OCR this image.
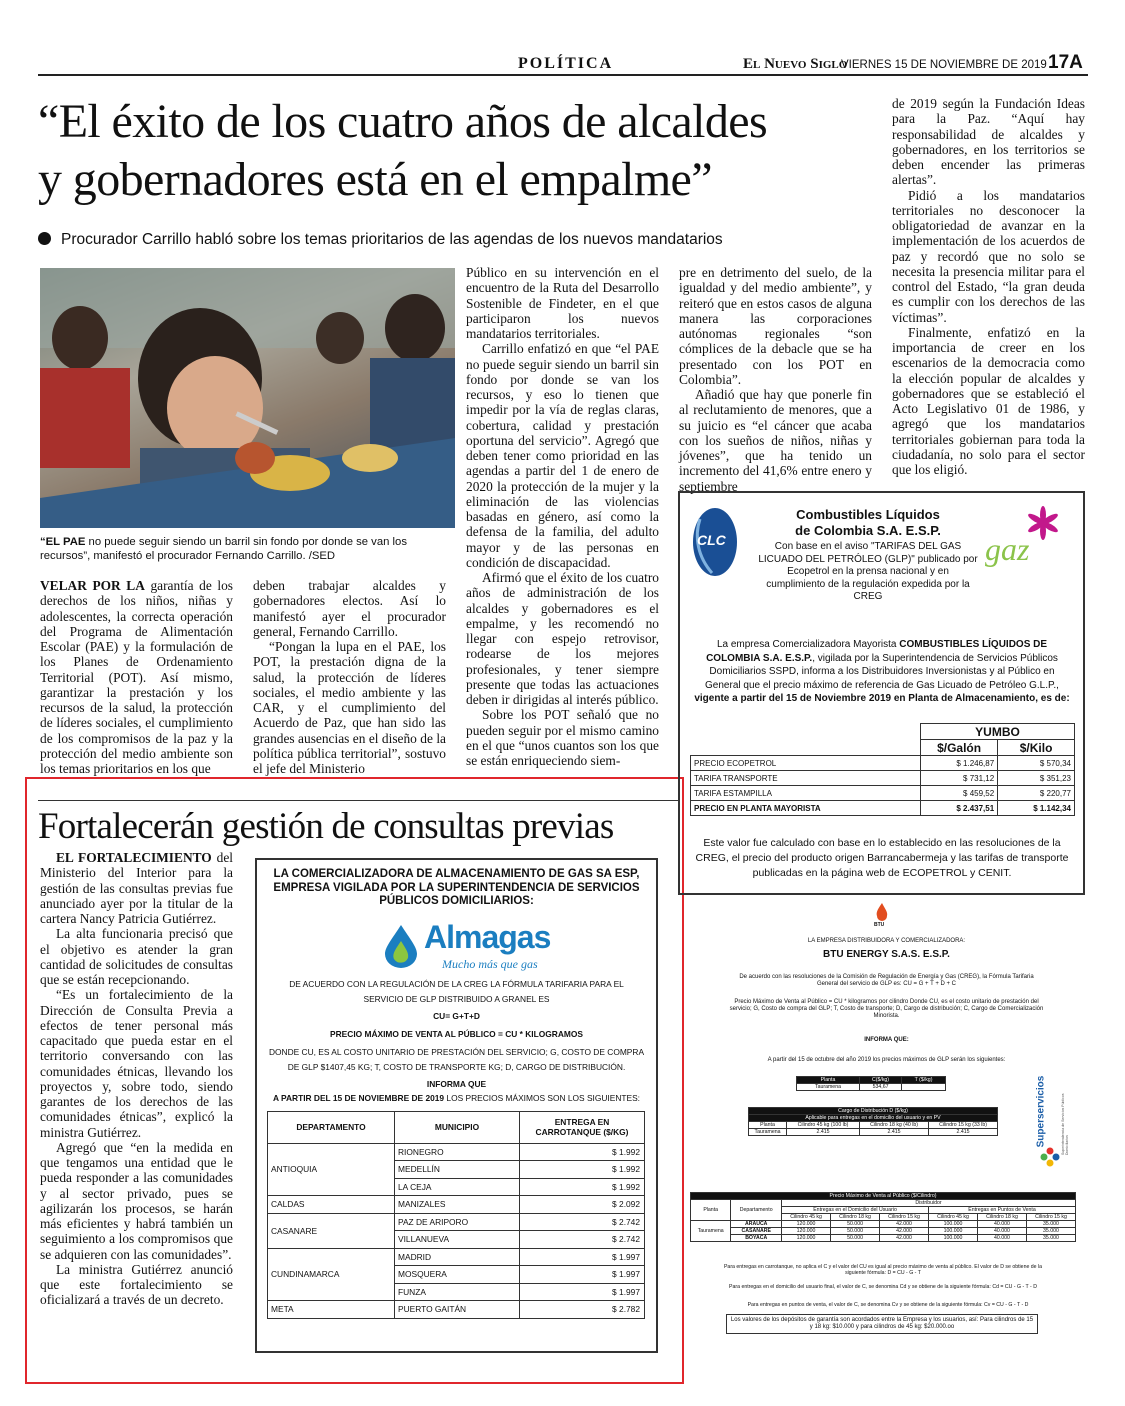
POLÍTICA	El Nuevo Siglo
VIERNES 15 DE NOVIEMBRE DE 2019 17A
“El éxito de los cuatro años de alcaldes
y gobernadores está en el empalme”
Procurador Carrillo habló sobre los temas prioritarios de las agendas de los nuevos mandatarios
“EL PAE no puede seguir siendo un barril sin fondo por donde se van los recursos”, manifestó el procurador Fernando Carrillo. /SED

VELAR POR LA garantía de los derechos de los niños, niñas y adolescentes, la correcta operación del Programa de Alimentación Escolar (PAE) y la formulación de los Planes de Ordenamiento Territorial (POT). Así mismo, garantizar la prestación y los recursos de la salud, la protección de líderes sociales, el cumplimiento de los compromisos de la paz y la protección del medio ambiente son los temas prioritarios en los que

deben trabajar alcaldes y gobernadores electos. Así lo manifestó ayer el procurador general, Fernando Carrillo.

“Pongan la lupa en el PAE, los POT, la prestación digna de la salud, la protección de líderes sociales, el medio ambiente y las CAR, y el cumplimiento del Acuerdo de Paz, que han sido las grandes ausencias en el diseño de la política pública territorial”, sostuvo el jefe del Ministerio

Público en su intervención en el encuentro de la Ruta del Desarrollo Sostenible de Findeter, en el que participaron los nuevos mandatarios territoriales.

Carrillo enfatizó en que “el PAE no puede seguir siendo un barril sin fondo por donde se van los recursos, y eso lo tienen que impedir por la vía de reglas claras, cobertura, calidad y prestación oportuna del servicio”. Agregó que deben tener como prioridad en las agendas a partir del 1 de enero de 2020 la protección de la mujer y la eliminación de las violencias basadas en género, así como la defensa de la familia, del adulto mayor y de las personas en condición de discapacidad.

Afirmó que el éxito de los cuatro años de administración de los alcaldes y gobernadores es el empalme, y les recomendó no llegar con espejo retrovisor, rodearse de los mejores profesionales, y tener siempre presente que todas las actuaciones deben ir dirigidas al interés público.

Sobre los POT señaló que no pueden seguir por el mismo camino en el que “unos cuantos son los que se están enriqueciendo siem-

pre en detrimento del suelo, de la igualdad y del medio ambiente”, y reiteró que en estos casos de alguna manera las corporaciones autónomas regionales “son cómplices de la debacle que se ha presentado con los POT en Colombia”.

Añadió que hay que ponerle fin al reclutamiento de menores, que a su juicio es “el cáncer que acaba con los sueños de niños, niñas y jóvenes”, que ha tenido un incremento del 41,6% entre enero y septiembre

de 2019 según la Fundación Ideas para la Paz. “Aquí hay responsabilidad de alcaldes y gobernadores, en los territorios se deben encender las primeras alertas”.

Pidió a los mandatarios territoriales no desconocer la obligatoriedad de avanzar en la implementación de los acuerdos de paz y recordó que no solo se necesita la presencia militar para el control del Estado, “la gran deuda es cumplir con los derechos de las víctimas”.

Finalmente, enfatizó en la importancia de creer en los escenarios de la democracia como la elección popular de alcaldes y gobernadores que se estableció el Acto Legislativo 01 de 1986, y agregó que los mandatarios territoriales gobiernan para toda la ciudadanía, no solo para el sector que los eligió.

Fortalecerán gestión de consultas previas

EL FORTALECIMIENTO del Ministerio del Interior para la gestión de las consultas previas fue anunciado ayer por la titular de la cartera Nancy Patricia Gutiérrez.

La alta funcionaria precisó que el objetivo es atender la gran cantidad de solicitudes de consultas que se están recepcionando.

“Es un fortalecimiento de la Dirección de Consulta Previa a efectos de tener personal más capacitado que pueda estar en el territorio conversando con las comunidades étnicas, llevando los proyectos y, sobre todo, siendo garantes de los derechos de las comunidades étnicas”, explicó la ministra Gutiérrez.

Agregó que “en la medida en que tengamos una entidad que le pueda responder a las comunidades y al sector privado, pues se agilizarán los procesos, se harán más eficientes y habrá también un seguimiento a los compromisos que se adquieren con las comunidades”.

La ministra Gutiérrez anunció que este fortalecimiento se oficializará a través de un decreto.

LA COMERCIALIZADORA DE ALMACENAMIENTO DE GAS SA ESP, EMPRESA VIGILADA POR LA SUPERINTENDENCIA DE SERVICIOS PÚBLICOS DOMICILIARIOS:
Almagas
Mucho más que gas
DE ACUERDO CON LA REGULACIÓN DE LA CREG LA FÓRMULA TARIFARIA PARA EL SERVICIO DE GLP DISTRIBUIDO A GRANEL ES
CU= G+T+D
PRECIO MÁXIMO DE VENTA AL PÚBLICO = CU * KILOGRAMOS
DONDE CU, ES AL COSTO UNITARIO DE PRESTACIÓN DEL SERVICIO; G, COSTO DE COMPRA DE GLP $1407,45 KG; T, COSTO DE TRANSPORTE KG; D, CARGO DE DISTRIBUCIÓN.
INFORMA QUE
A PARTIR DEL 15 DE NOVIEMBRE DE 2019 LOS PRECIOS MÁXIMOS SON LOS SIGUIENTES:
DEPARTAMENTO	MUNICIPIO	ENTREGA EN CARROTANQUE ($/KG)
ANTIOQUIA	RIONEGRO	$ 1.992
	MEDELLÍN	$ 1.992
	LA CEJA	$ 1.992
CALDAS	MANIZALES	$ 2.092
CASANARE	PAZ DE ARIPORO	$ 2.742
	VILLANUEVA	$ 2.742
CUNDINAMARCA	MADRID	$ 1.997
	MOSQUERA	$ 1.997
	FUNZA	$ 1.997
META	PUERTO GAITÁN	$ 2.782
CLC	gaz
Combustibles Líquidos
de Colombia S.A. E.S.P.
Con base en el aviso "TARIFAS DEL GAS LICUADO DEL PETRÓLEO (GLP)" publicado por Ecopetrol en la prensa nacional y en cumplimiento de la regulación expedida por la CREG
La empresa Comercializadora Mayorista COMBUSTIBLES LÍQUIDOS DE COLOMBIA S.A. E.S.P., vigilada por la Superintendencia de Servicios Públicos Domiciliarios SSPD, informa a los Distribuidores Inversionistas y al Público en General que el precio máximo de referencia de Gas Licuado de Petróleo G.L.P., vigente a partir del 15 de Noviembre 2019 en Planta de Almacenamiento, es de:
	YUMBO	
	$/Galón	$/Kilo
PRECIO ECOPETROL	$ 1.246,87	$ 570,34
TARIFA TRANSPORTE	$ 731,12	$ 351,23
TARIFA ESTAMPILLA	$ 459,52	$ 220,77
PRECIO EN PLANTA MAYORISTA	$ 2.437,51	$ 1.142,34
Este valor fue calculado con base en lo establecido en las resoluciones de la CREG, el precio del producto origen Barrancabermeja y las tarifas de transporte publicadas en la página web de ECOPETROL y CENIT.
BTU
LA EMPRESA DISTRIBUIDORA Y COMERCIALIZADORA:
BTU ENERGY S.A.S. E.S.P.
De acuerdo con las resoluciones de la Comisión de Regulación de Energía y Gas (CREG), la Fórmula Tarifaria General del servicio de GLP es: CU = G + T + D + C
Precio Máximo de Venta al Público = CU * kilogramos por cilindro Donde CU, es el costo unitario de prestación del servicio; G, Costo de compra del GLP; T, Costo de transporte; D, Cargo de distribución; C, Cargo de Comercialización Minorista.
INFORMA QUE:
A partir del 15 de octubre del año 2019 los precios máximos de GLP serán los siguientes:
Superservicios	Superintendencia de Servicios Públicos Domiciliarios
Planta	C($/kg)	T ($/kg)
Tauramena	534,67	
Cargo de Distribución D ($/kg)			
Aplicable para entregas en el domicilio del usuario y en PV			
Planta	Cilindro 45 kg (100 lb)	Cilindro 18 kg (40 lb)	Cilindro 15 kg (33 lb)
Tauramena	2.415	2.415	2.415
Precio Máximo de Venta al Público ($/Cilindro)							
Planta	Departamento	Distribuidor					
		Entregas en el Domicilio del Usuario			Entregas en Puntos de Venta		
		Cilindro 45 kg	Cilindro 18 kg	Cilindro 15 kg	Cilindro 45 kg	Cilindro 18 kg	Cilindro 15 kg
Tauramena	ARAUCA	120.000	50.000	42.000	100.000	40.000	35.000
	CASANARE	120.000	50.000	42.000	100.000	40.000	35.000
	BOYACA	120.000	50.000	42.000	100.000	40.000	35.000
Para entregas en carrotanque, no aplica el C y el valor del CU es igual al precio máximo de venta al público. El valor de D se obtiene de la siguiente fórmula: D = CU - G - T
Para entregas en el domicilio del usuario final, el valor de C, se denomina Cd y se obtiene de la siguiente fórmula: Cd = CU - G - T - D
Para entregas en puntos de venta, el valor de C, se denomina Cv y se obtiene de la siguiente fórmula: Cv = CU - G - T - D
Los valores de los depósitos de garantía son acordados entre la Empresa y los usuarios, así: Para cilindros de 15 y 18 kg: $10.000 y para cilindros de 45 kg: $20.000.oo
